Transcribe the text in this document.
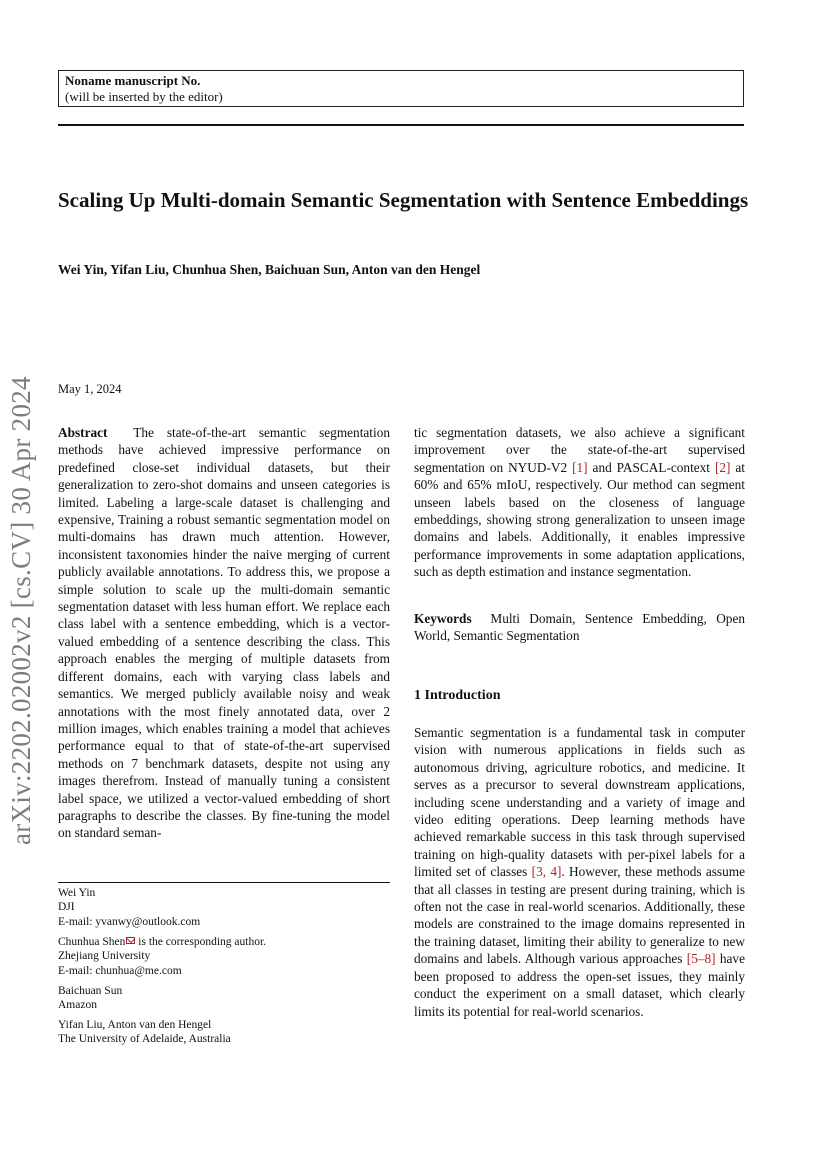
Noname manuscript No.
(will be inserted by the editor)
Scaling Up Multi-domain Semantic Segmentation with Sentence Embeddings
Wei Yin, Yifan Liu, Chunhua Shen, Baichuan Sun, Anton van den Hengel
arXiv:2202.02002v2 [cs.CV] 30 Apr 2024 May 1, 2024
Abstract The state-of-the-art semantic segmentation methods have achieved impressive performance on predefined close-set individual datasets, but their generalization to zero-shot domains and unseen categories is limited. Labeling a large-scale dataset is challenging and expensive, Training a robust semantic segmentation model on multi-domains has drawn much attention. However, inconsistent taxonomies hinder the naive merging of current publicly available annotations. To address this, we propose a simple solution to scale up the multi-domain semantic segmentation dataset with less human effort. We replace each class label with a sentence embedding, which is a vector-valued embedding of a sentence describing the class. This approach enables the merging of multiple datasets from different domains, each with varying class labels and semantics. We merged publicly available noisy and weak annotations with the most finely annotated data, over 2 million images, which enables training a model that achieves performance equal to that of state-of-the-art supervised methods on 7 benchmark datasets, despite not using any images therefrom. Instead of manually tuning a consistent label space, we utilized a vector-valued embedding of short paragraphs to describe the classes. By fine-tuning the model on standard seman-
tic segmentation datasets, we also achieve a significant improvement over the state-of-the-art supervised segmentation on NYUD-V2 [1] and PASCAL-context [2] at 60% and 65% mIoU, respectively. Our method can segment unseen labels based on the closeness of language embeddings, showing strong generalization to unseen image domains and labels. Additionally, it enables impressive performance improvements in some adaptation applications, such as depth estimation and instance segmentation.
Keywords Multi Domain, Sentence Embedding, Open World, Semantic Segmentation
1 Introduction
Semantic segmentation is a fundamental task in computer vision with numerous applications in fields such as autonomous driving, agriculture robotics, and medicine. It serves as a precursor to several downstream applications, including scene understanding and a variety of image and video editing operations. Deep learning methods have achieved remarkable success in this task through supervised training on high-quality datasets with per-pixel labels for a limited set of classes [3, 4]. However, these methods assume that all classes in testing are present during training, which is often not the case in real-world scenarios. Additionally, these models are constrained to the image domains represented in the training dataset, limiting their ability to generalize to new domains and labels. Although various approaches [5–8] have been proposed to address the open-set issues, they mainly conduct the experiment on a small dataset, which clearly limits its potential for real-world scenarios.
Wei Yin
DJI
E-mail: yvanwy@outlook.com
Chunhua Shen is the corresponding author.
Zhejiang University
E-mail: chunhua@me.com
Baichuan Sun
Amazon
Yifan Liu, Anton van den Hengel
The University of Adelaide, Australia
